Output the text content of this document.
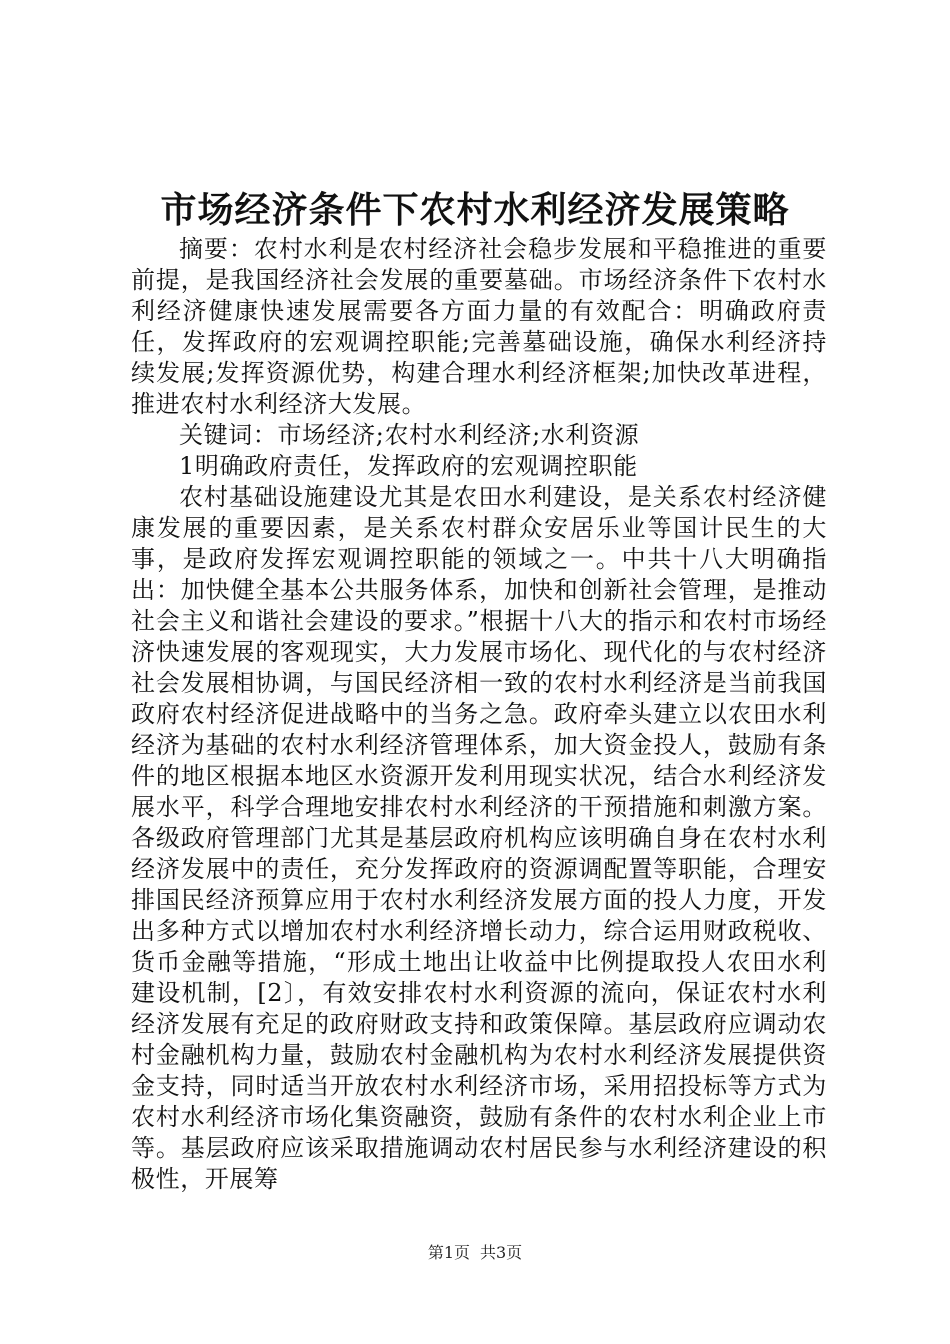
市场经济条件下农村水利经济发展策略

摘要：农村水利是农村经济社会稳步发展和平稳推进的重要前提，是我国经济社会发展的重要墓础。市场经济条件下农村水利经济健康快速发展需要各方面力量的有效配合：明确政府责任，发挥政府的宏观调控职能;完善墓础设施，确保水利经济持续发展;发挥资源优势，构建合理水利经济框架;加快改革进程，推进农村水利经济大发展。

关键词：市场经济;农村水利经济;水利资源

1明确政府责任，发挥政府的宏观调控职能

农村基础设施建设尤其是农田水利建设，是关系农村经济健康发展的重要因素，是关系农村群众安居乐业等国计民生的大事，是政府发挥宏观调控职能的领域之一。中共十八大明确指出：加快健全基本公共服务体系，加快和创新社会管理，是推动社会主义和谐社会建设的要求。”根据十八大的指示和农村市场经济快速发展的客观现实，大力发展市场化、现代化的与农村经济社会发展相协调，与国民经济相一致的农村水利经济是当前我国政府农村经济促进战略中的当务之急。政府牵头建立以农田水利经济为基础的农村水利经济管理体系，加大资金投人，鼓励有条件的地区根据本地区水资源开发利用现实状况，结合水利经济发展水平，科学合理地安排农村水利经济的干预措施和刺激方案。各级政府管理部门尤其是基层政府机构应该明确自身在农村水利经济发展中的责任，充分发挥政府的资源调配置等职能，合理安排国民经济预算应用于农村水利经济发展方面的投人力度，开发出多种方式以增加农村水利经济增长动力，综合运用财政税收、货币金融等措施，“形成土地出让收益中比例提取投人农田水利建设机制，[2〕，有效安排农村水利资源的流向，保证农村水利经济发展有充足的政府财政支持和政策保障。基层政府应调动农村金融机构力量，鼓励农村金融机构为农村水利经济发展提供资金支持，同时适当开放农村水利经济市场，采用招投标等方式为农村水利经济市场化集资融资，鼓励有条件的农村水利企业上市等。基层政府应该采取措施调动农村居民参与水利经济建设的积极性，开展筹

第1页 共3页
